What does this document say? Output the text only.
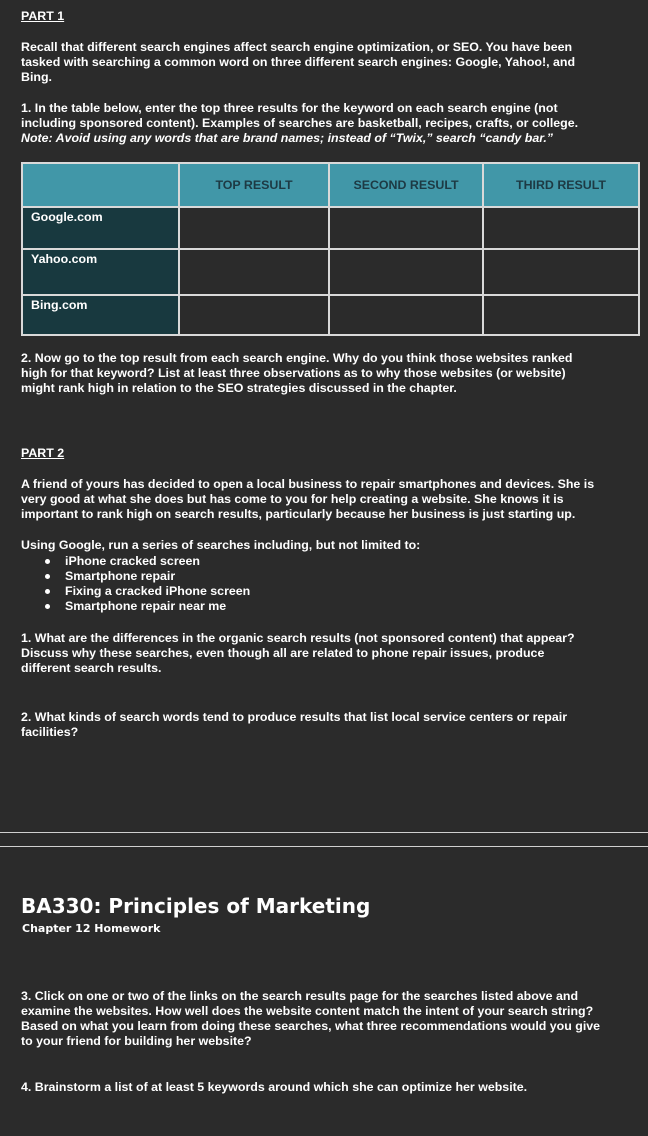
PART 1
Recall that different search engines affect search engine optimization, or SEO. You have been tasked with searching a common word on three different search engines: Google, Yahoo!, and Bing.
1. In the table below, enter the top three results for the keyword on each search engine (not including sponsored content). Examples of searches are basketball, recipes, crafts, or college.
Note: Avoid using any words that are brand names; instead of “Twix,” search “candy bar.”
	TOP RESULT	SECOND RESULT	THIRD RESULT
Google.com			
Yahoo.com			
Bing.com			
2. Now go to the top result from each search engine. Why do you think those websites ranked high for that keyword? List at least three observations as to why those websites (or website) might rank high in relation to the SEO strategies discussed in the chapter.
PART 2
A friend of yours has decided to open a local business to repair smartphones and devices. She is very good at what she does but has come to you for help creating a website. She knows it is important to rank high on search results, particularly because her business is just starting up.
Using Google, run a series of searches including, but not limited to:
iPhone cracked screen
Smartphone repair
Fixing a cracked iPhone screen
Smartphone repair near me
1. What are the differences in the organic search results (not sponsored content) that appear? Discuss why these searches, even though all are related to phone repair issues, produce different search results.
2. What kinds of search words tend to produce results that list local service centers or repair facilities?
BA330: Principles of Marketing
Chapter 12 Homework
3. Click on one or two of the links on the search results page for the searches listed above and examine the websites. How well does the website content match the intent of your search string? Based on what you learn from doing these searches, what three recommendations would you give to your friend for building her website?
4. Brainstorm a list of at least 5 keywords around which she can optimize her website.
